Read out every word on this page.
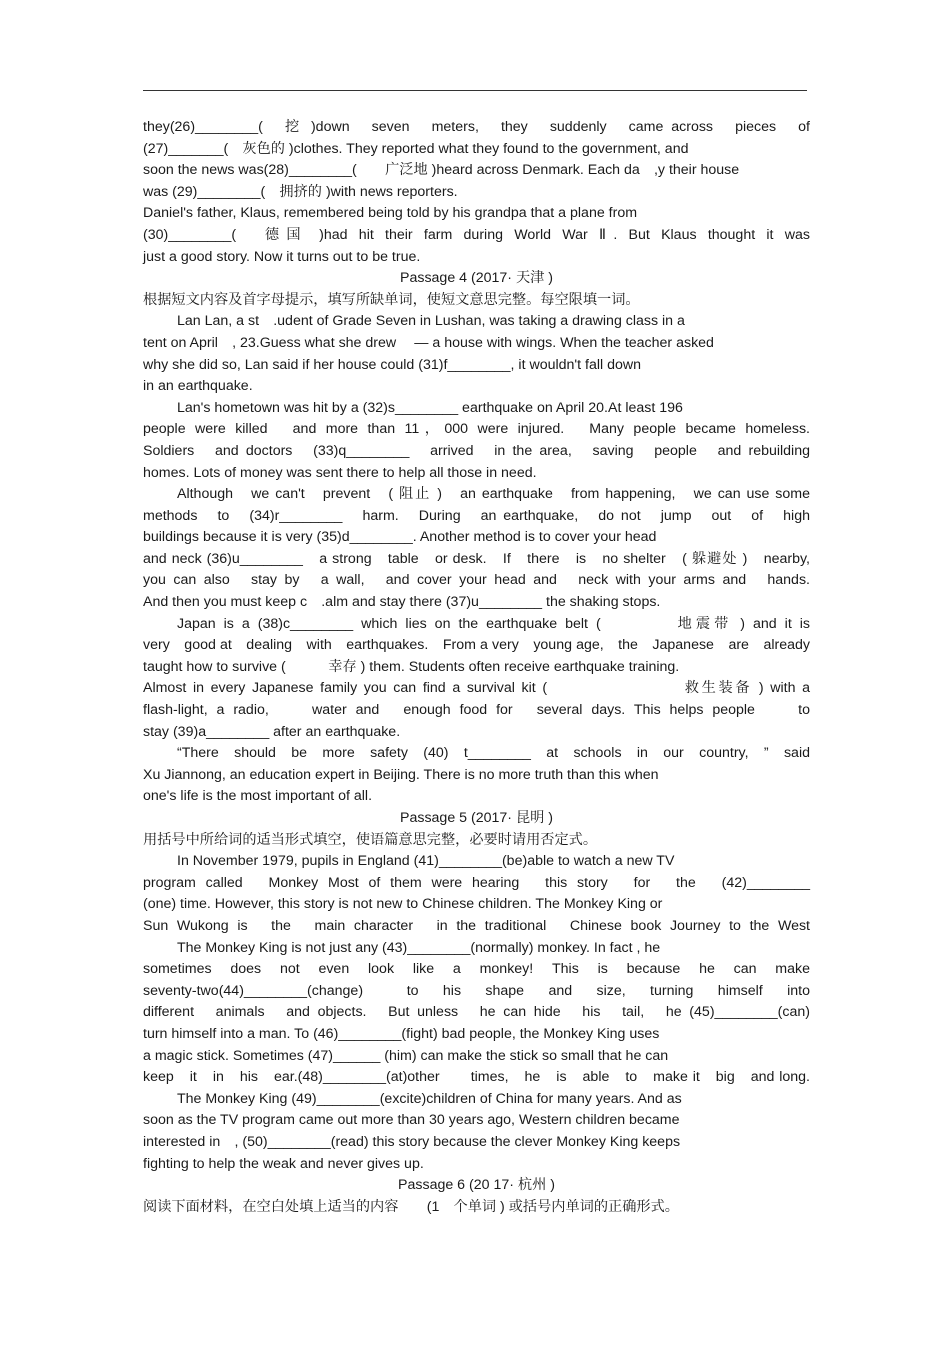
they(26)________(　挖 )down　seven　meters,　they　suddenly　came across　pieces　of
(27)_______(　灰色的 )clothes. They reported what they found to the government, and
soon the news was(28)________(　　广泛地 )heard across Denmark. Each da　,y their house
was (29)________(　拥挤的 )with news reporters.
Daniel's father, Klaus, remembered being told by his grandpa that a plane from
(30)________(　德国 )had hit their farm during World War Ⅱ. But Klaus thought it was
just a good story. Now it turns out to be true.
Passage 4 (2017· 天津 )
根据短文内容及首字母提示，填写所缺单词，使短文意思完整。每空限填一词。
Lan Lan, a st　.udent of Grade Seven in Lushan, was taking a drawing class in a
tent on April　, 23.Guess what she drew　 — a house with wings. When the teacher asked
why she did so, Lan said if her house could (31)f________, it wouldn't fall down
in an earthquake.
Lan's hometown was hit by a (32)s________ earthquake on April 20.At least 196
people were killed　and more than 11，000 were injured.　Many people became homeless.
Soldiers　and doctors　(33)q________　arrived　in the area,　saving　people　and rebuilding
homes. Lots of money was sent there to help all those in need.
Although　we can't　prevent　( 阻止 )　an earthquake　from happening,　we can use some
methods　to　(34)r________　harm.　During　an earthquake,　do not　jump　out　of　high
buildings because it is very (35)d________. Another method is to cover your head
and neck (36)u________　a strong　table　or desk.　If　there　is　no shelter　( 躲避处 )　nearby,
you can also　stay by　a wall,　and cover your head and　neck with your arms and　hands.
And then you must keep c　.alm and stay there (37)u________ the shaking stops.
Japan is a (38)c________ which lies on the earthquake belt (　　　　地震带 ) and it is
very　good at　dealing　with　earthquakes.　From a very　young age,　the　Japanese　are　already
taught how to survive (　　　幸存 ) them. Students often receive earthquake training.
Almost in every Japanese family you can find a survival kit (　　　　　　　　救生装备 ) with a
flash-light, a radio,　　water and　enough food for　several days. This helps people　　to
stay (39)a________ after an earthquake.
“There should be more safety (40) t________ at schools in our country, ” said
Xu Jiannong, an education expert in Beijing. There is no more truth than this when
one's life is the most important of all.
Passage 5 (2017· 昆明 )
用括号中所给词的适当形式填空，使语篇意思完整，必要时请用否定式。
In November 1979, pupils in England (41)________(be)able to watch a new TV
program called　Monkey Most of them were hearing　this story　for　the　(42)________
(one) time. However, this story is not new to Chinese children. The Monkey King or
Sun Wukong is　the　main character　in the traditional　Chinese book Journey to the West
The Monkey King is not just any (43)________(normally) monkey. In fact , he
sometimes　does　not　even　look　like　a　monkey!　This　is　because　he　can　make
seventy-two(44)________(change)　　to　his　shape　and　size,　turning　himself　into
different　animals　and objects.　But unless　he can hide　his　tail,　he (45)________(can)
turn himself into a man. To (46)________(fight) bad people, the Monkey King uses
a magic stick. Sometimes (47)______ (him) can make the stick so small that he can
keep　it　in　his　ear.(48)________(at)other　　times,　he　is　able　to　make it　big　and long.
The Monkey King (49)________(excite)children of China for many years. And as
soon as the TV program came out more than 30 years ago, Western children became
interested in　, (50)________(read) this story because the clever Monkey King keeps
fighting to help the weak and never gives up.
Passage 6 (20 17· 杭州 )
阅读下面材料，在空白处填上适当的内容　　(1　个单词 ) 或括号内单词的正确形式。
